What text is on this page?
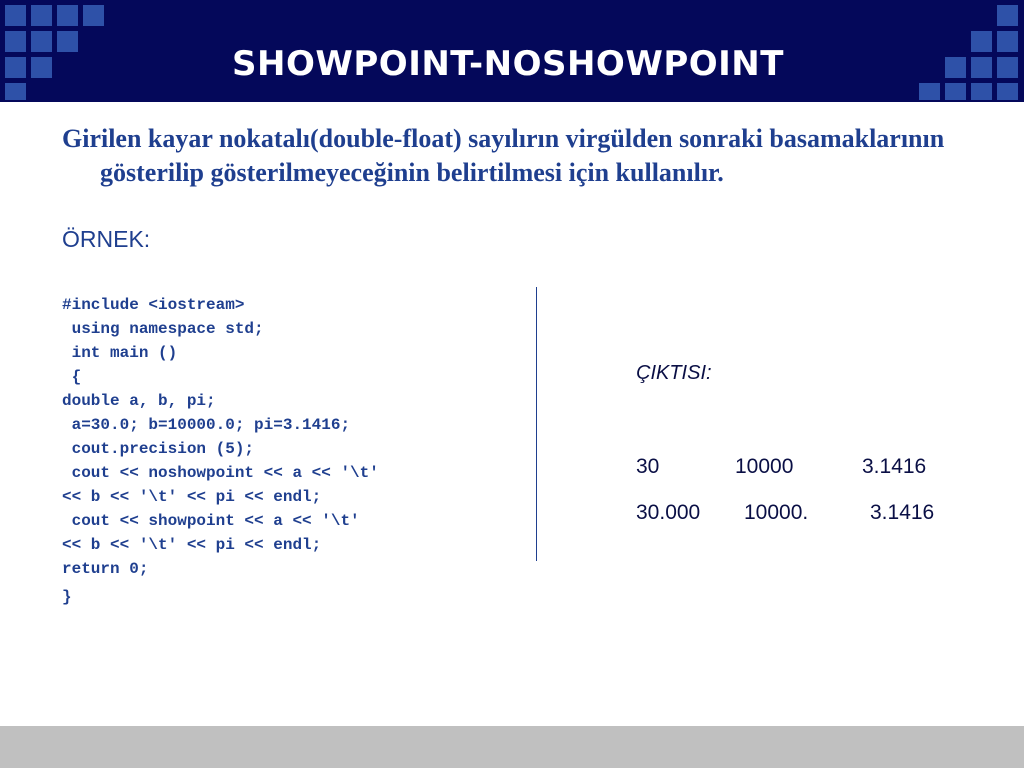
SHOWPOINT-NOSHOWPOINT

Girilen kayar nokatalı(double-float) sayılırın virgülden sonraki basamaklarının gösterilip gösterilmeyeceğinin belirtilmesi için kullanılır.

ÖRNEK:
#include <iostream>
using namespace std;
int main ()
{
double a, b, pi;
a=30.0; b=10000.0; pi=3.1416;
cout.precision (5);
cout << noshowpoint << a << '\t'
<< b << '\t' << pi << endl;
cout << showpoint << a << '\t'
<< b << '\t' << pi << endl;
return 0;
}
ÇIKTISI:
30	10000	3.1416
30.000 10000.	3.1416
